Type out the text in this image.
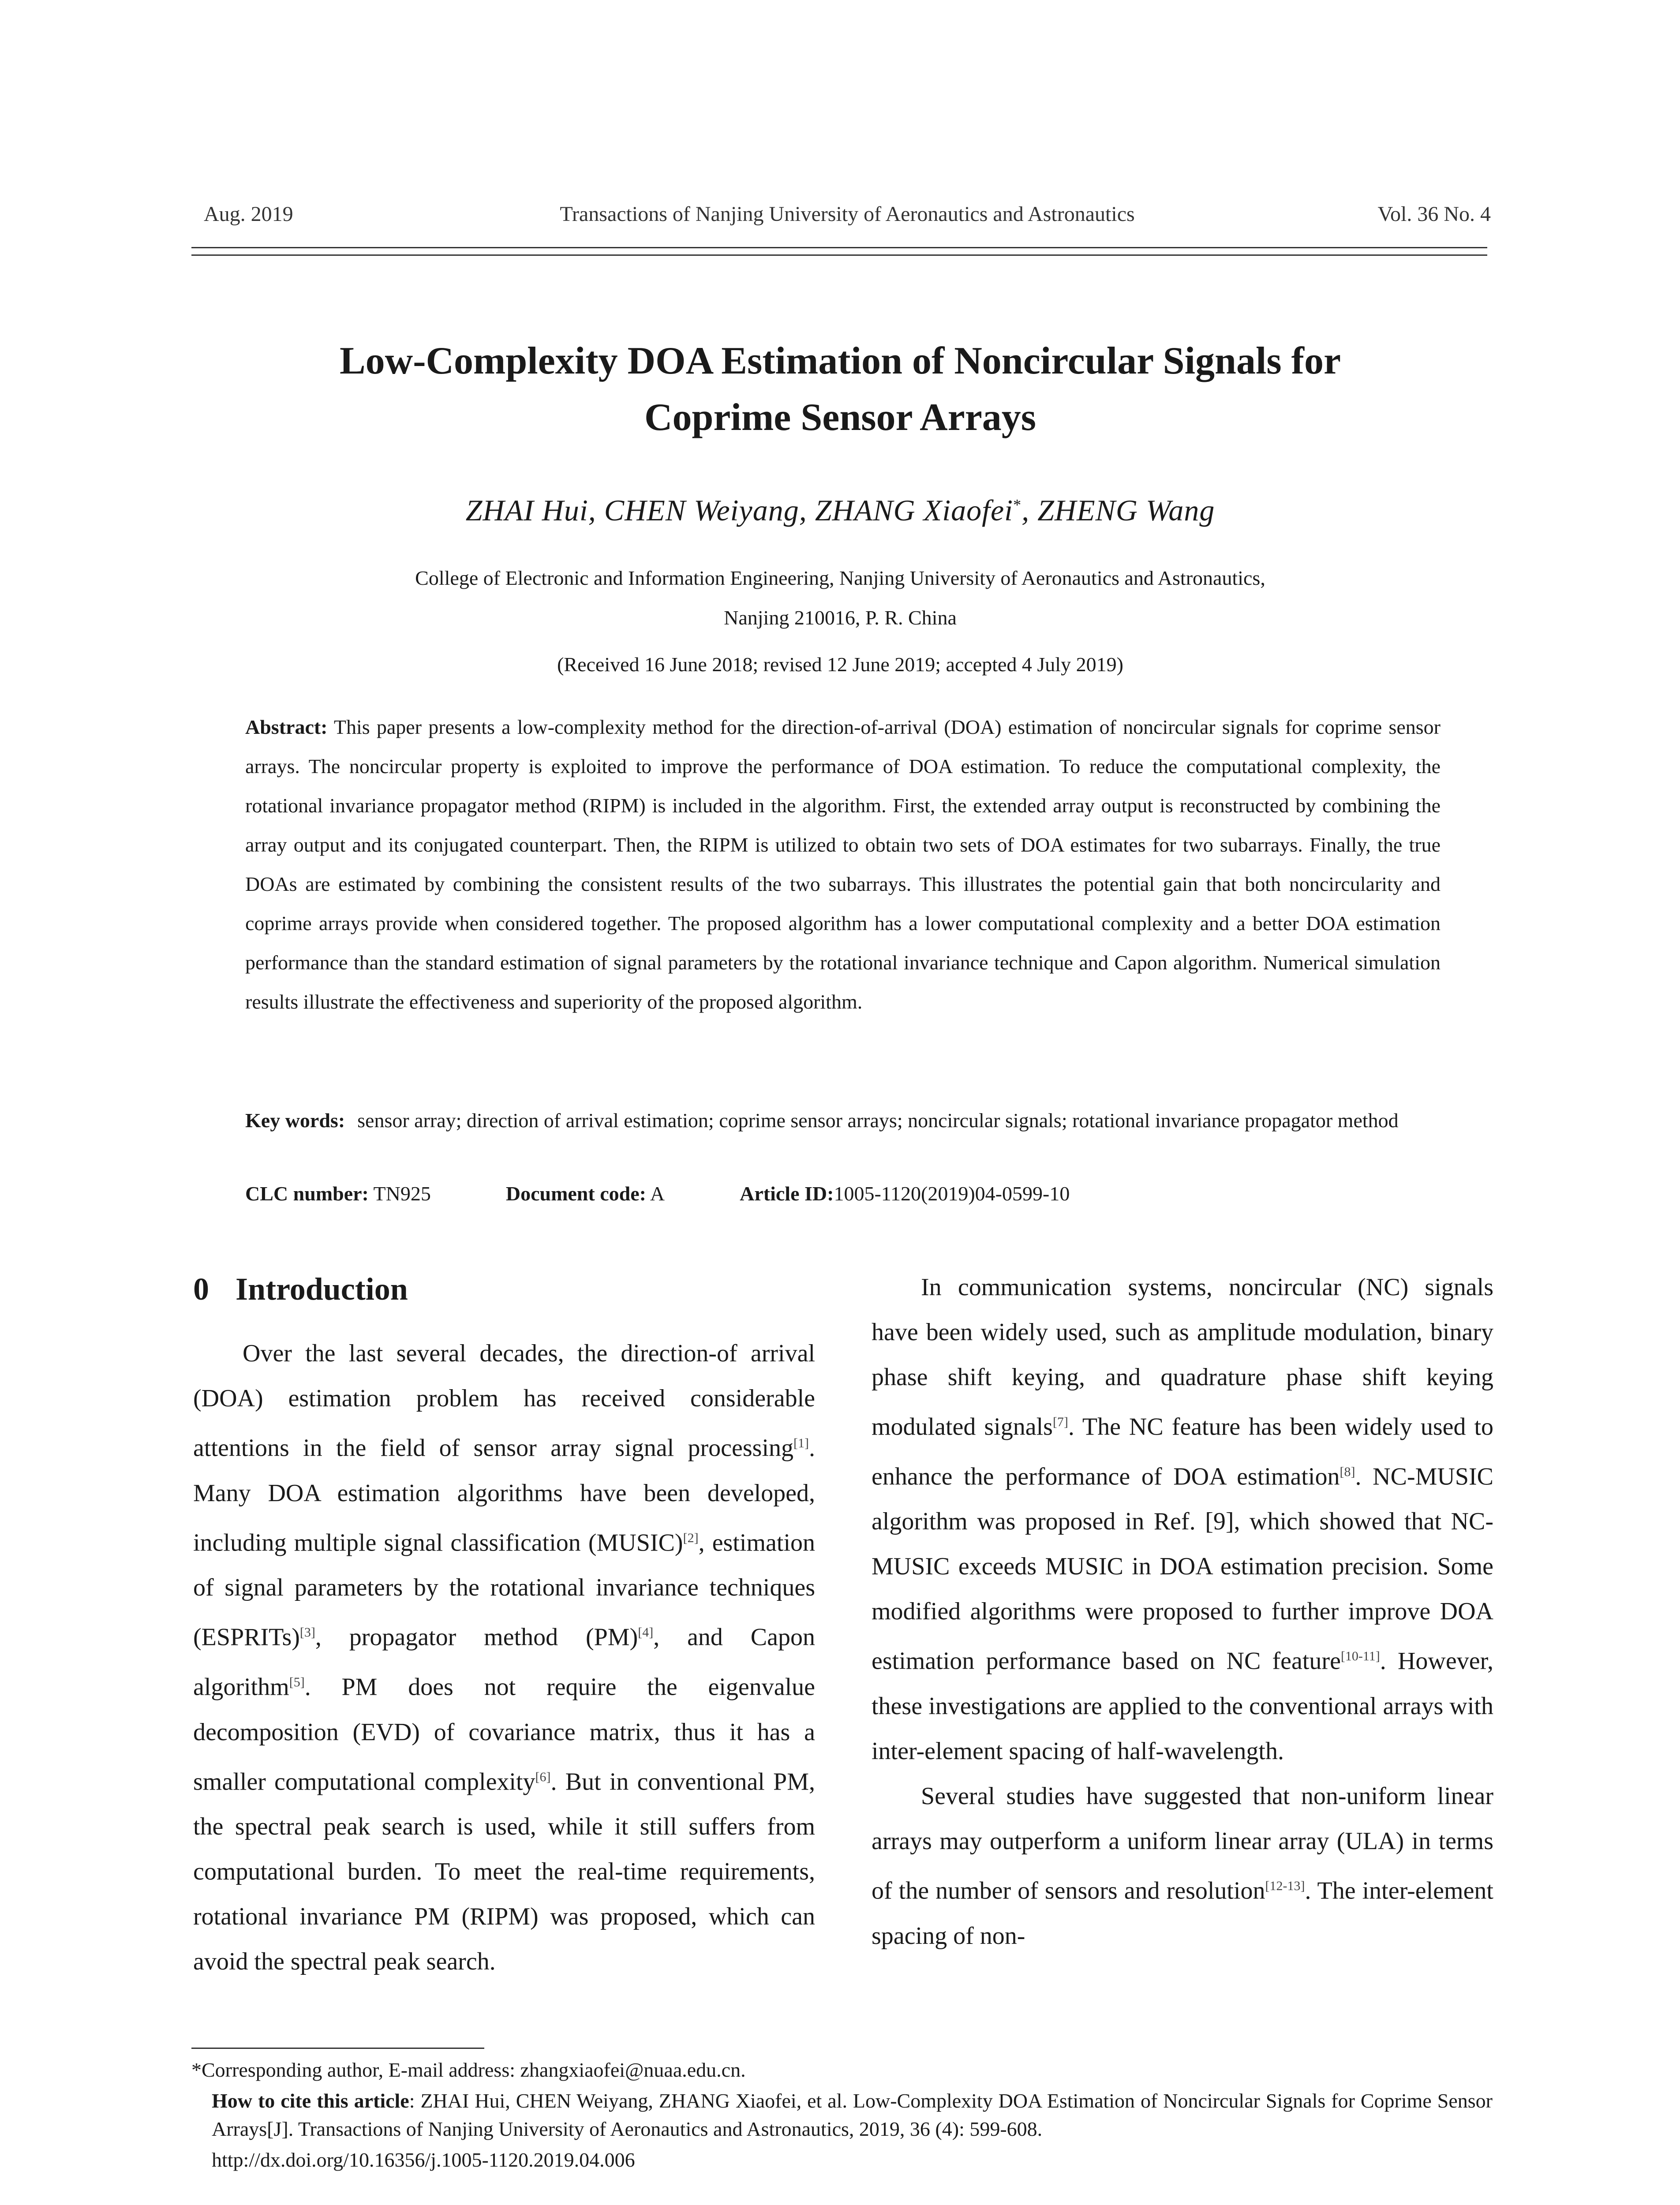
Aug. 2019	Transactions of Nanjing University of Aeronautics and Astronautics	Vol. 36 No. 4
Low-Complexity DOA Estimation of Noncircular Signals for
Coprime Sensor Arrays
ZHAI Hui, CHEN Weiyang, ZHANG Xiaofei*, ZHENG Wang
College of Electronic and Information Engineering, Nanjing University of Aeronautics and Astronautics,
Nanjing 210016, P. R. China
(Received 16 June 2018; revised 12 June 2019; accepted 4 July 2019)
Abstract: This paper presents a low-complexity method for the direction-of-arrival (DOA) estimation of noncircular signals for coprime sensor arrays. The noncircular property is exploited to improve the performance of DOA estimation. To reduce the computational complexity, the rotational invariance propagator method (RIPM) is included in the algorithm. First, the extended array output is reconstructed by combining the array output and its conjugated counterpart. Then, the RIPM is utilized to obtain two sets of DOA estimates for two subarrays. Finally, the true DOAs are estimated by combining the consistent results of the two subarrays. This illustrates the potential gain that both noncircularity and coprime arrays provide when considered together. The proposed algorithm has a lower computational complexity and a better DOA estimation performance than the standard estimation of signal parameters by the rotational invariance technique and Capon algorithm. Numerical simulation results illustrate the effectiveness and superiority of the proposed algorithm.
Key words: sensor array; direction of arrival estimation; coprime sensor arrays; noncircular signals; rotational invariance propagator method
CLC number: TN925	Document code: A	Article ID:1005-1120(2019)04-0599-10
0 Introduction

Over the last several decades, the direction-of arrival (DOA) estimation problem has received considerable attentions in the field of sensor array signal processing[1]. Many DOA estimation algorithms have been developed, including multiple signal classification (MUSIC)[2], estimation of signal parameters by the rotational invariance techniques (ESPRITs)[3], propagator method (PM)[4], and Capon algorithm[5]. PM does not require the eigenvalue decomposition (EVD) of covariance matrix, thus it has a smaller computational complexity[6]. But in conventional PM, the spectral peak search is used, while it still suffers from computational burden. To meet the real-time requirements, rotational invariance PM (RIPM) was proposed, which can avoid the spectral peak search.

In communication systems, noncircular (NC) signals have been widely used, such as amplitude modulation, binary phase shift keying, and quadrature phase shift keying modulated signals[7]. The NC feature has been widely used to enhance the performance of DOA estimation[8]. NC-MUSIC algorithm was proposed in Ref. [9], which showed that NC-MUSIC exceeds MUSIC in DOA estimation precision. Some modified algorithms were proposed to further improve DOA estimation performance based on NC feature[10-11]. However, these investigations are applied to the conventional arrays with inter-element spacing of half-wavelength.

Several studies have suggested that non-uniform linear arrays may outperform a uniform linear array (ULA) in terms of the number of sensors and resolution[12-13]. The inter-element spacing of non-

*Corresponding author, E-mail address: zhangxiaofei@nuaa.edu.cn.
How to cite this article: ZHAI Hui, CHEN Weiyang, ZHANG Xiaofei, et al. Low-Complexity DOA Estimation of Noncircular Signals for Coprime Sensor Arrays[J]. Transactions of Nanjing University of Aeronautics and Astronautics, 2019, 36 (4): 599-608.
http://dx.doi.org/10.16356/j.1005-1120.2019.04.006
